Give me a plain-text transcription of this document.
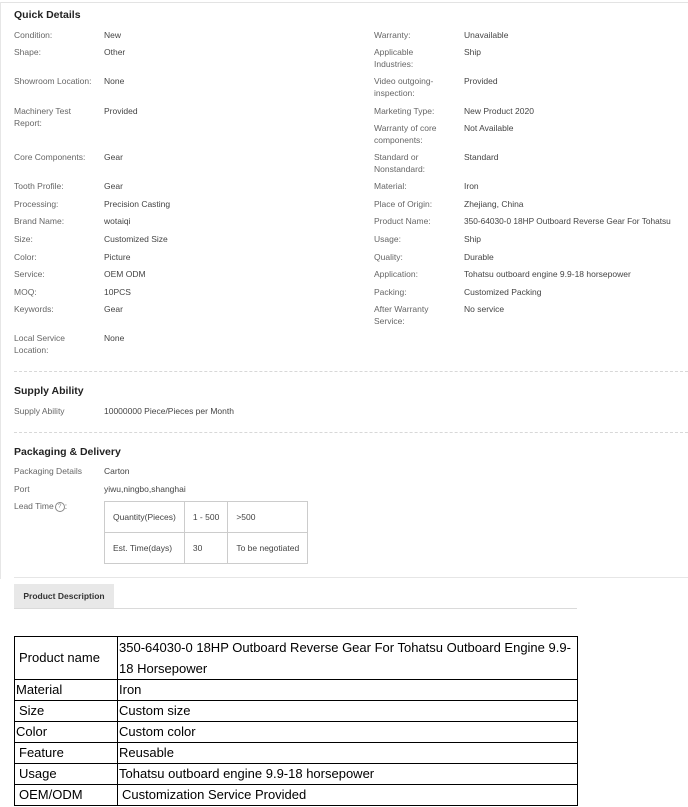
Quick Details
Condition:	New
Shape:	Other
Showroom Location: None
Machinery Test Report:
Provided
Core Components: Gear
Tooth Profile:	Gear
Processing:	Precision Casting
Brand Name:	wotaiqi
Size:	Customized Size
Color:	Picture
Service:	OEM ODM
MOQ:	10PCS
Keywords:	Gear
Local Service Location:
None
Warranty:	Unavailable
Applicable Industries:
Ship
Video outgoing-inspection:
Provided
Marketing Type:	New Product 2020
Warranty of core components:
Not Available
Standard or Nonstandard:
Standard
Material:	Iron
Place of Origin:	Zhejiang, China
Product Name:	350-64030-0 18HP Outboard Reverse Gear For Tohatsu
Usage:	Ship
Quality:	Durable
Application:	Tohatsu outboard engine 9.9-18 horsepower
Packing:	Customized Packing
After Warranty Service:
No service
Supply Ability
Supply Ability	10000000 Piece/Pieces per Month
Packaging & Delivery
Packaging Details	Carton
Port	yiwu,ningbo,shanghai
Lead Time ? :
Quantity(Pieces)	1 - 500	>500
Est. Time(days)	30	To be negotiated
Product Description
Product name	350-64030-0 18HP Outboard Reverse Gear For Tohatsu Outboard Engine 9.9-18 Horsepower
Material	Iron
Size	Custom size
Color	Custom color
Feature	Reusable
Usage	Tohatsu outboard engine 9.9-18 horsepower
OEM/ODM	Customization Service Provided
